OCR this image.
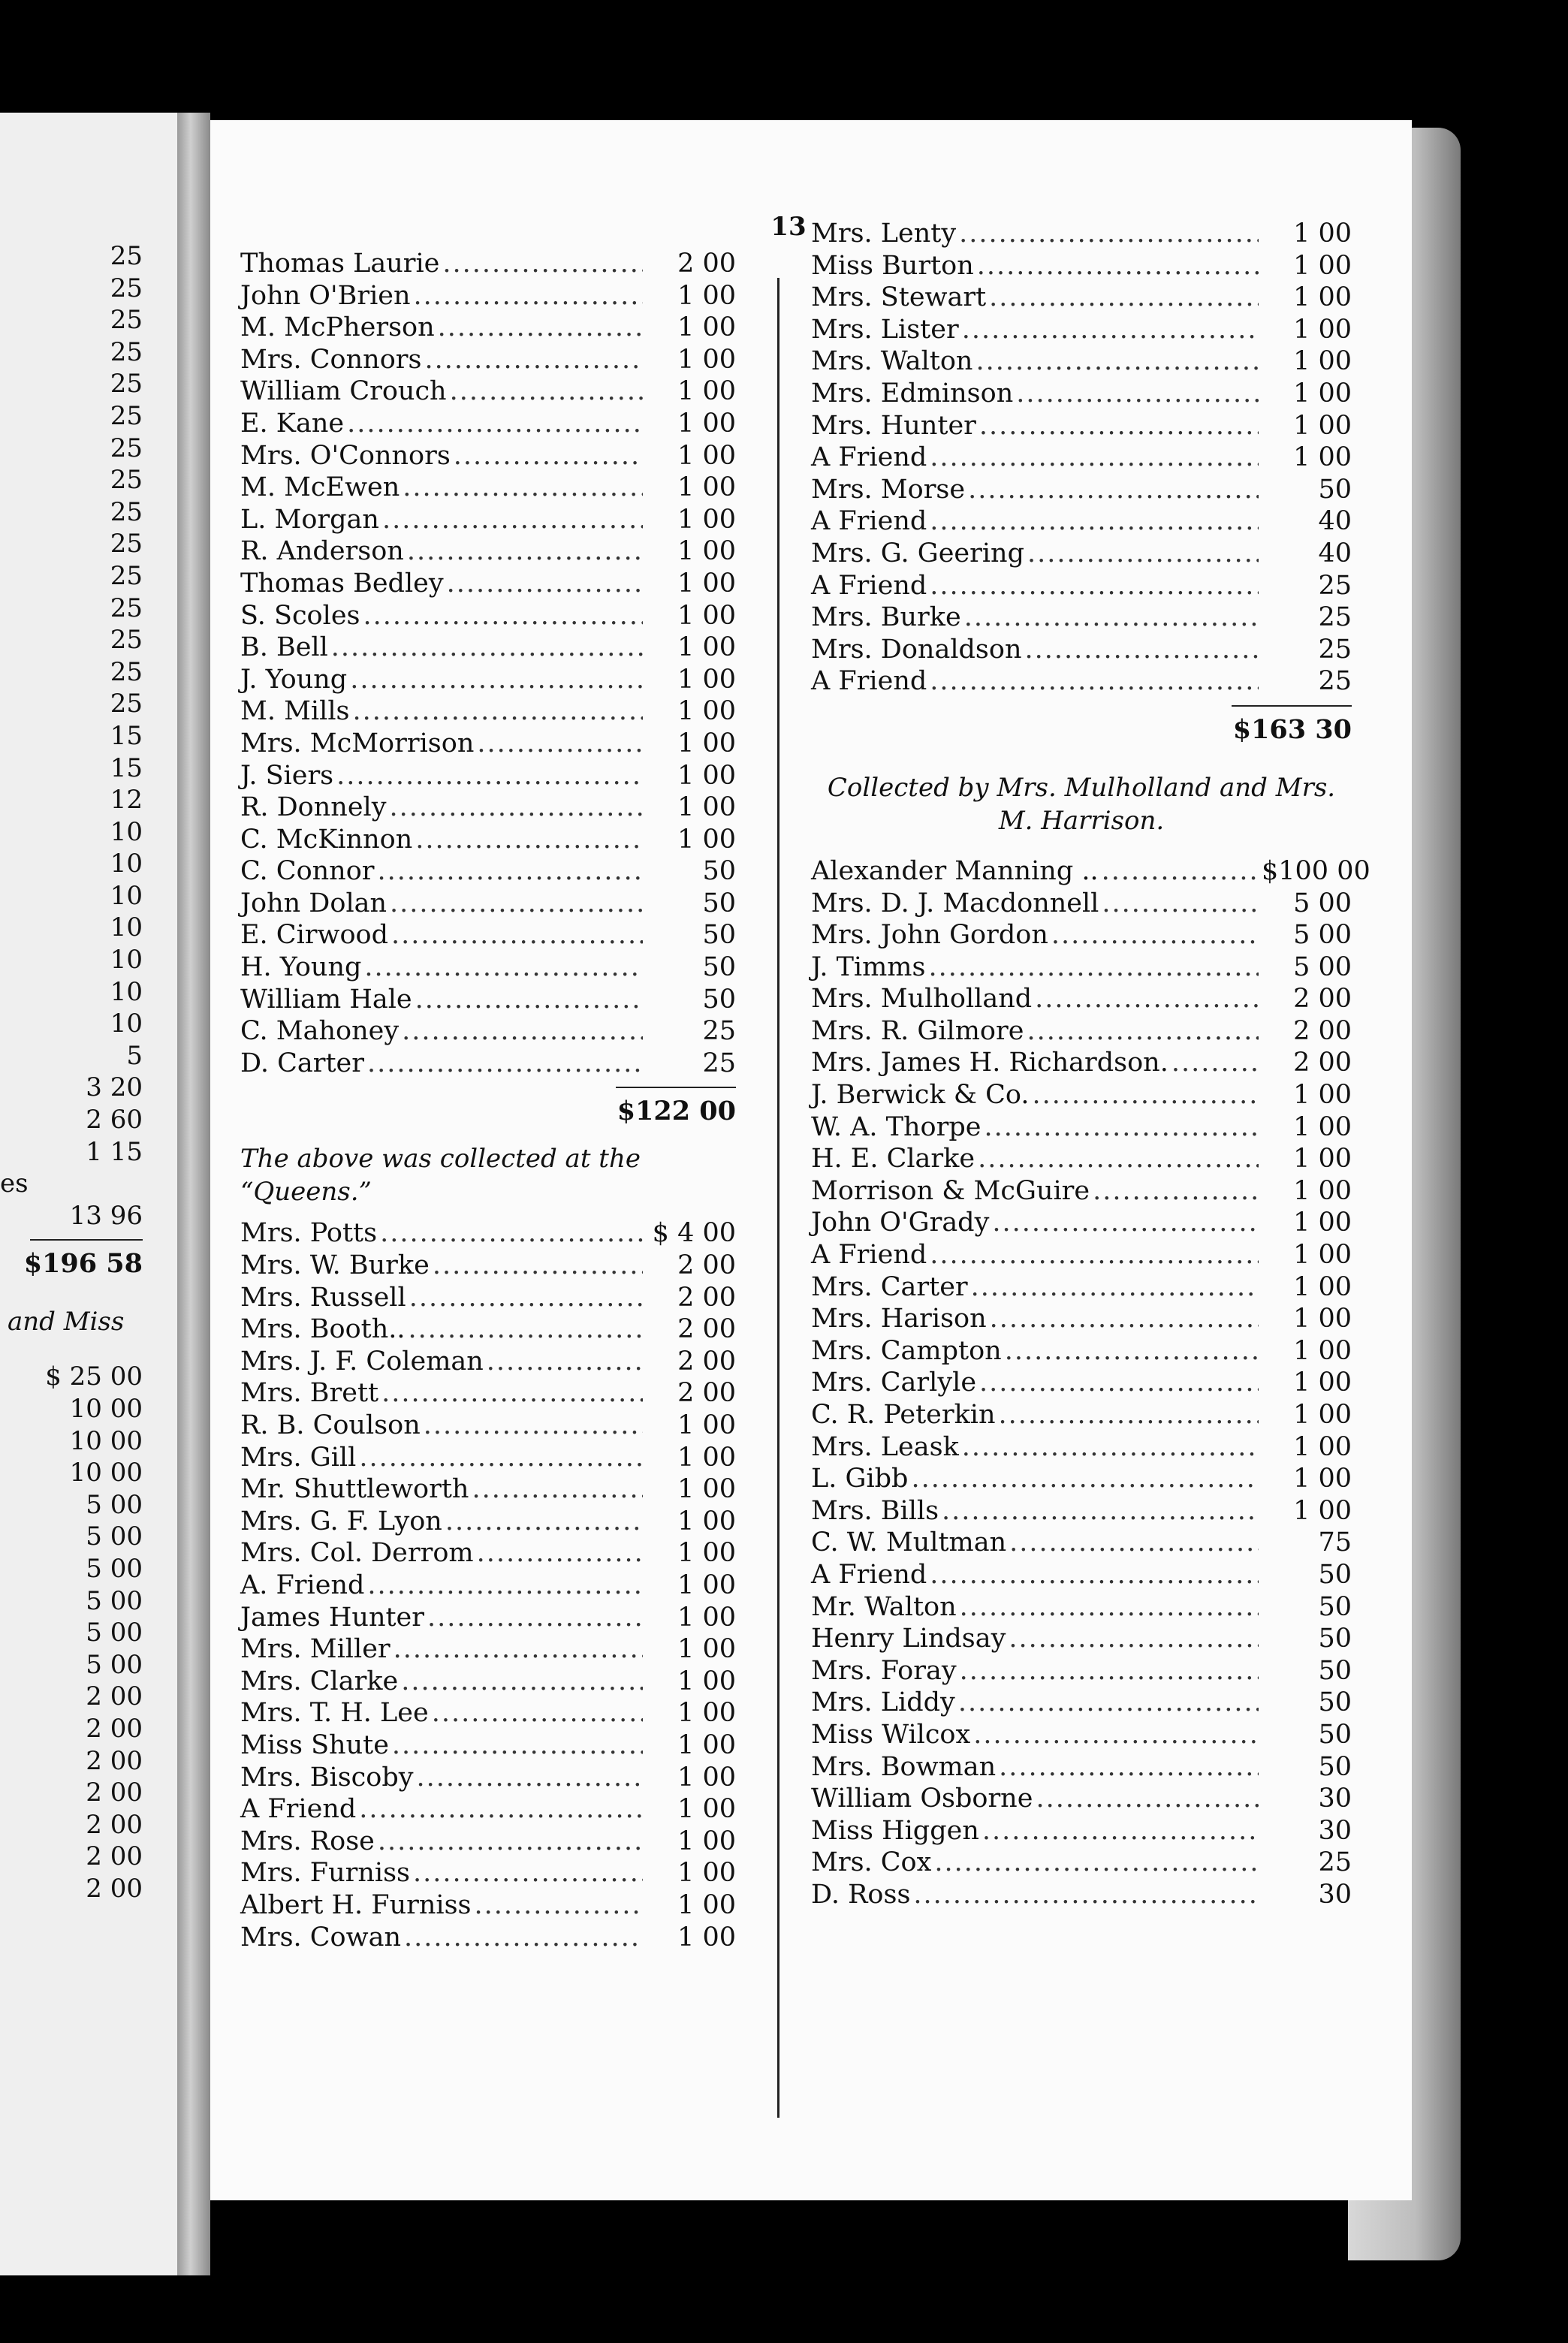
25
25
25
25
25
25
25
25
25
25
25
25
25
25
25
15
15
12
10
10
10
10
10
10
10
5
3 20
2 60
1 15
es
13 96
$196 58
and Miss
$ 25 00
10 00
10 00
10 00
5 00
5 00
5 00
5 00
5 00
5 00
2 00
2 00
2 00
2 00
2 00
2 00
2 00
13
Thomas Laurie .....	2 00
John O'Brien .....	1 00
M. McPherson .....	1 00
Mrs. Connors .....	1 00
William Crouch .....	1 00
E. Kane .....	1 00
Mrs. O'Connors .....	1 00
M. McEwen .....	1 00
L. Morgan .....	1 00
R. Anderson .....	1 00
Thomas Bedley .....	1 00
S. Scoles .....	1 00
B. Bell .....	1 00
J. Young .....	1 00
M. Mills .....	1 00
Mrs. McMorrison .....	1 00
J. Siers .....	1 00
R. Donnely .....	1 00
C. McKinnon .....	1 00
C. Connor .....	50
John Dolan .....	50
E. Cirwood .....	50
H. Young .....	50
William Hale .....	50
C. Mahoney .....	25
D. Carter .....	25
$122 00
The above was collected at the “Queens.”
Mrs. Potts .....	$ 4 00
Mrs. W. Burke .....	2 00
Mrs. Russell .....	2 00
Mrs. Booth.. .....	2 00
Mrs. J. F. Coleman .....	2 00
Mrs. Brett .....	2 00
R. B. Coulson .....	1 00
Mrs. Gill .....	1 00
Mr. Shuttleworth .....	1 00
Mrs. G. F. Lyon .....	1 00
Mrs. Col. Derrom .....	1 00
A. Friend .....	1 00
James Hunter .....	1 00
Mrs. Miller .....	1 00
Mrs. Clarke .....	1 00
Mrs. T. H. Lee .....	1 00
Miss Shute .....	1 00
Mrs. Biscoby .....	1 00
A Friend .....	1 00
Mrs. Rose .....	1 00
Mrs. Furniss .....	1 00
Albert H. Furniss .....	1 00
Mrs. Cowan .....	1 00
Mrs. Lenty .....	1 00
Miss Burton .....	1 00
Mrs. Stewart .....	1 00
Mrs. Lister .....	1 00
Mrs. Walton .....	1 00
Mrs. Edminson .....	1 00
Mrs. Hunter .....	1 00
A Friend .....	1 00
Mrs. Morse .....	50
A Friend .....	40
Mrs. G. Geering .....	40
A Friend .....	25
Mrs. Burke .....	25
Mrs. Donaldson .....	25
A Friend .....	25
$163 30
Collected by Mrs. Mulholland and Mrs. M. Harrison.
Alexander Manning .. .....	$100 00
Mrs. D. J. Macdonnell .....	5 00
Mrs. John Gordon .....	5 00
J. Timms .....	5 00
Mrs. Mulholland .....	2 00
Mrs. R. Gilmore .....	2 00
Mrs. James H. Richardson. .....	2 00
J. Berwick & Co. .....	1 00
W. A. Thorpe .....	1 00
H. E. Clarke .....	1 00
Morrison & McGuire .....	1 00
John O'Grady .....	1 00
A Friend .....	1 00
Mrs. Carter .....	1 00
Mrs. Harison .....	1 00
Mrs. Campton .....	1 00
Mrs. Carlyle .....	1 00
C. R. Peterkin .....	1 00
Mrs. Leask .....	1 00
L. Gibb .....	1 00
Mrs. Bills .....	1 00
C. W. Multman .....	75
A Friend .....	50
Mr. Walton .....	50
Henry Lindsay .....	50
Mrs. Foray .....	50
Mrs. Liddy .....	50
Miss Wilcox .....	50
Mrs. Bowman .....	50
William Osborne .....	30
Miss Higgen .....	30
Mrs. Cox .....	25
D. Ross .....	30
